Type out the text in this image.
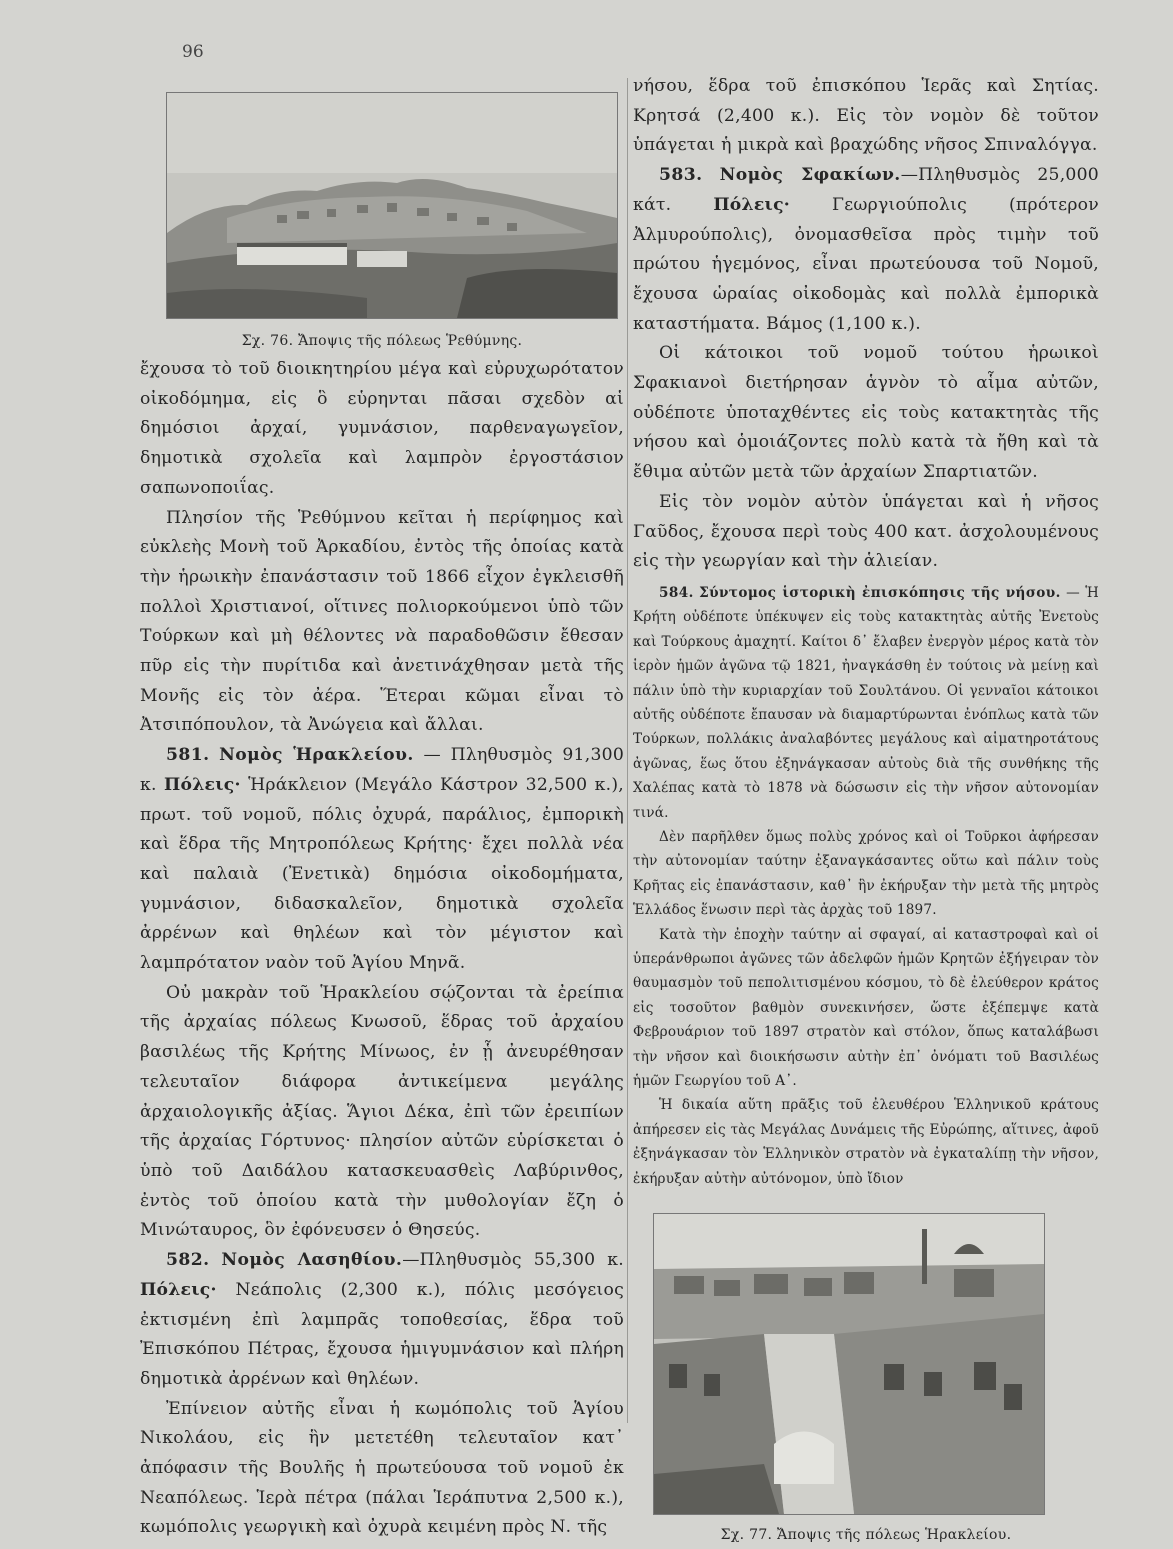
96
Σχ. 76. Ἄποψις τῆς πόλεως Ῥεθύμνης.

ἔχουσα τὸ τοῦ διοικητηρίου μέγα καὶ εὐρυχωρότατον οἰκοδόμημα, εἰς ὃ εὑρηνται πᾶσαι σχεδὸν αἱ δημόσιοι ἀρχαί, γυμνάσιον, παρθεναγωγεῖον, δημοτικὰ σχολεῖα καὶ λαμπρὸν ἐργοστάσιον σαπωνοποιΐας.

Πλησίον τῆς Ῥεθύμνου κεῖται ἡ περίφημος καὶ εὐκλεὴς Μονὴ τοῦ Ἀρκαδίου, ἐντὸς τῆς ὁποίας κατὰ τὴν ἡρωικὴν ἐπανάστασιν τοῦ 1866 εἶχον ἐγκλεισθῆ πολλοὶ Χριστιανοί, οἵτινες πολιορκούμενοι ὑπὸ τῶν Τούρκων καὶ μὴ θέλοντες νὰ παραδοθῶσιν ἔθεσαν πῦρ εἰς τὴν πυρίτιδα καὶ ἀνετινάχθησαν μετὰ τῆς Μονῆς εἰς τὸν ἀέρα. Ἕτεραι κῶμαι εἶναι τὸ Ἀτσιπόπουλον, τὰ Ἀνώγεια καὶ ἄλλαι.

581. Νομὸς Ἡρακλείου. — Πληθυσμὸς 91,300 κ. Πόλεις· Ἡράκλειον (Μεγάλο Κάστρον 32,500 κ.), πρωτ. τοῦ νομοῦ, πόλις ὀχυρά, παράλιος, ἐμπορικὴ καὶ ἕδρα τῆς Μητροπόλεως Κρήτης· ἔχει πολλὰ νέα καὶ παλαιὰ (Ἐνετικὰ) δημόσια οἰκοδομήματα, γυμνάσιον, διδασκαλεῖον, δημοτικὰ σχολεῖα ἀρρένων καὶ θηλέων καὶ τὸν μέγιστον καὶ λαμπρότατον ναὸν τοῦ Ἁγίου Μηνᾶ.

Οὐ μακρὰν τοῦ Ἡρακλείου σῴζονται τὰ ἐρείπια τῆς ἀρχαίας πόλεως Κνωσοῦ, ἕδρας τοῦ ἀρχαίου βασιλέως τῆς Κρήτης Μίνωος, ἐν ᾗ ἀνευρέθησαν τελευταῖον διάφορα ἀντικείμενα μεγάλης ἀρχαιολογικῆς ἀξίας. Ἅγιοι Δέκα, ἐπὶ τῶν ἐρειπίων τῆς ἀρχαίας Γόρτυνος· πλησίον αὐτῶν εὑρίσκεται ὁ ὑπὸ τοῦ Δαιδάλου κατασκευασθεὶς Λαβύρινθος, ἐντὸς τοῦ ὁποίου κατὰ τὴν μυθολογίαν ἔζη ὁ Μινώταυρος, ὃν ἐφόνευσεν ὁ Θησεύς.

582. Νομὸς Λασηθίου.—Πληθυσμὸς 55,300 κ. Πόλεις· Νεάπολις (2,300 κ.), πόλις μεσόγειος ἐκτισμένη ἐπὶ λαμπρᾶς τοποθεσίας, ἕδρα τοῦ Ἐπισκόπου Πέτρας, ἔχουσα ἡμιγυμνάσιον καὶ πλήρη δημοτικὰ ἀρρένων καὶ θηλέων.

Ἐπίνειον αὐτῆς εἶναι ἡ κωμόπολις τοῦ Ἁγίου Νικολάου, εἰς ἣν μετετέθη τελευταῖον κατ᾽ ἀπόφασιν τῆς Βουλῆς ἡ πρωτεύουσα τοῦ νομοῦ ἐκ Νεαπόλεως. Ἱερὰ πέτρα (πάλαι Ἱεράπυτνα 2,500 κ.), κωμόπολις γεωργικὴ καὶ ὀχυρὰ κειμένη πρὸς Ν. τῆς

νήσου, ἕδρα τοῦ ἐπισκόπου Ἱερᾶς καὶ Σητίας. Κρητσά (2,400 κ.). Εἰς τὸν νομὸν δὲ τοῦτον ὑπάγεται ἡ μικρὰ καὶ βραχώδης νῆσος Σπιναλόγγα.

583. Νομὸς Σφακίων.—Πληθυσμὸς 25,000 κάτ. Πόλεις· Γεωργιούπολις (πρότερον Ἀλμυρούπολις), ὀνομασθεῖσα πρὸς τιμὴν τοῦ πρώτου ἡγεμόνος, εἶναι πρωτεύουσα τοῦ Νομοῦ, ἔχουσα ὡραίας οἰκοδομὰς καὶ πολλὰ ἐμπορικὰ καταστήματα. Βάμος (1,100 κ.).

Οἱ κάτοικοι τοῦ νομοῦ τούτου ἡρωικοὶ Σφακιανοὶ διετήρησαν ἁγνὸν τὸ αἷμα αὐτῶν, οὐδέποτε ὑποταχθέντες εἰς τοὺς κατακτητὰς τῆς νήσου καὶ ὁμοιάζοντες πολὺ κατὰ τὰ ἤθη καὶ τὰ ἔθιμα αὐτῶν μετὰ τῶν ἀρχαίων Σπαρτιατῶν.

Εἰς τὸν νομὸν αὐτὸν ὑπάγεται καὶ ἡ νῆσος Γαῦδος, ἔχουσα περὶ τοὺς 400 κατ. ἀσχολουμένους εἰς τὴν γεωργίαν καὶ τὴν ἁλιείαν.

584. Σύντομος ἱστορικὴ ἐπισκόπησις τῆς νήσου. — Ἡ Κρήτη οὐδέποτε ὑπέκυψεν εἰς τοὺς κατακτητὰς αὐτῆς Ἐνετοὺς καὶ Τούρκους ἀμαχητί. Καίτοι δ᾽ ἔλαβεν ἐνεργὸν μέρος κατὰ τὸν ἱερὸν ἡμῶν ἀγῶνα τῷ 1821, ἠναγκάσθη ἐν τούτοις νὰ μείνῃ καὶ πάλιν ὑπὸ τὴν κυριαρχίαν τοῦ Σουλτάνου. Οἱ γενναῖοι κάτοικοι αὐτῆς οὐδέποτε ἔπαυσαν νὰ διαμαρτύρωνται ἐνόπλως κατὰ τῶν Τούρκων, πολλάκις ἀναλαβόντες μεγάλους καὶ αἱματηροτάτους ἀγῶνας, ἕως ὅτου ἐξηνάγκασαν αὐτοὺς διὰ τῆς συνθήκης τῆς Χαλέπας κατὰ τὸ 1878 νὰ δώσωσιν εἰς τὴν νῆσον αὐτονομίαν τινά.

Δὲν παρῆλθεν ὅμως πολὺς χρόνος καὶ οἱ Τοῦρκοι ἀφήρεσαν τὴν αὐτονομίαν ταύτην ἐξαναγκάσαντες οὕτω καὶ πάλιν τοὺς Κρῆτας εἰς ἐπανάστασιν, καθ᾽ ἣν ἐκήρυξαν τὴν μετὰ τῆς μητρὸς Ἑλλάδος ἕνωσιν περὶ τὰς ἀρχὰς τοῦ 1897.

Κατὰ τὴν ἐποχὴν ταύτην αἱ σφαγαί, αἱ καταστροφαὶ καὶ οἱ ὑπεράνθρωποι ἀγῶνες τῶν ἀδελφῶν ἡμῶν Κρητῶν ἐξήγειραν τὸν θαυμασμὸν τοῦ πεπολιτισμένου κόσμου, τὸ δὲ ἐλεύθερον κράτος εἰς τοσοῦτον βαθμὸν συνεκινήσεν, ὥστε ἐξέπεμψε κατὰ Φεβρουάριον τοῦ 1897 στρατὸν καὶ στόλον, ὅπως καταλάβωσι τὴν νῆσον καὶ διοικήσωσιν αὐτὴν ἐπ᾽ ὀνόματι τοῦ Βασιλέως ἡμῶν Γεωργίου τοῦ Α᾽.

Ἡ δικαία αὕτη πρᾶξις τοῦ ἐλευθέρου Ἑλληνικοῦ κράτους ἀπήρεσεν εἰς τὰς Μεγάλας Δυνάμεις τῆς Εὐρώπης, αἵτινες, ἀφοῦ ἐξηνάγκασαν τὸν Ἑλληνικὸν στρατὸν νὰ ἐγκαταλίπῃ τὴν νῆσον, ἐκήρυξαν αὐτὴν αὐτόνομον, ὑπὸ ἴδιον

Σχ. 77. Ἄποψις τῆς πόλεως Ἡρακλείου.
